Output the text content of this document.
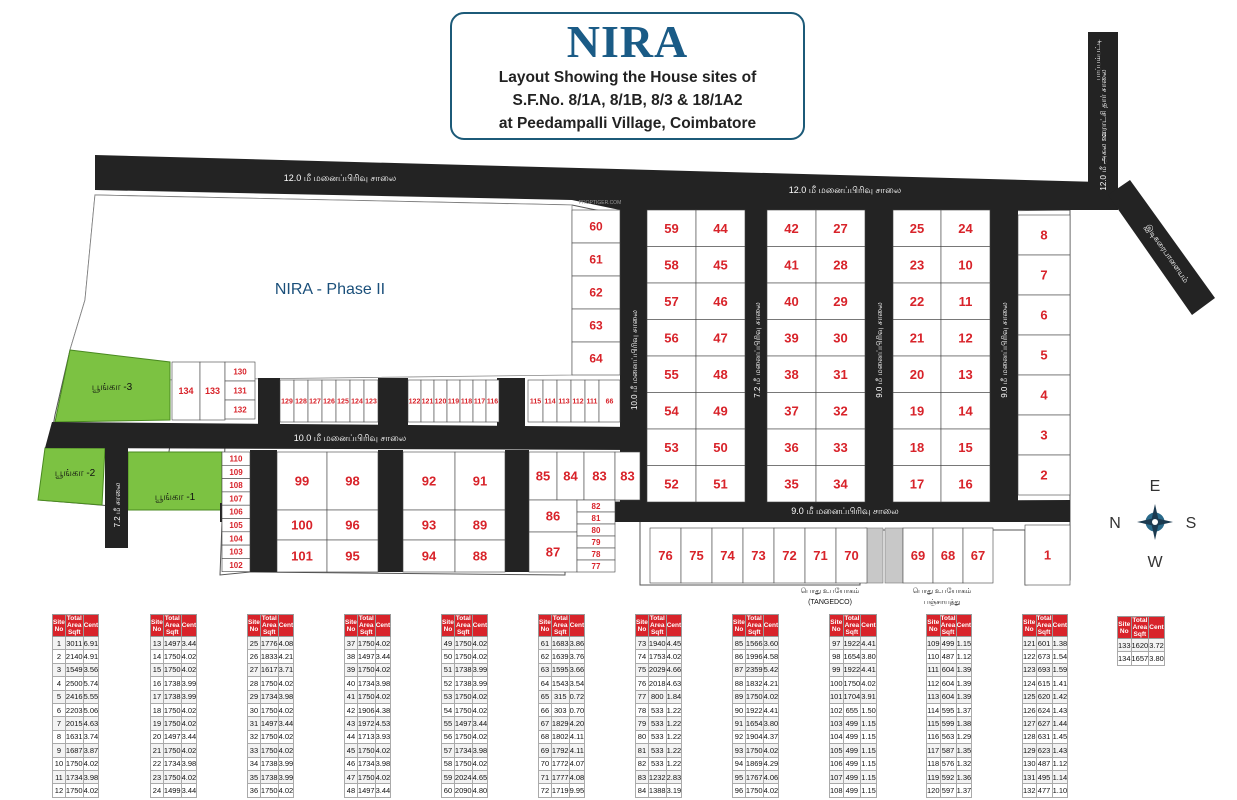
NIRA - Phase II
பூங்கா -3
பூங்கா -2
பூங்கா -1
12.0 மீ மனைப்பிரிவு சாலை
12.0 மீ மனைப்பிரிவு சாலை
10.0 மீ மனைப்பிரிவு சாலை
9.0 மீ மனைப்பிரிவு சாலை
10.0 மீ மனைப்பிரிவு சாலை	7.2 மீ மனைப்பிரிவு சாலை	9.0 மீ மனைப்பிரிவு சாலை	9.0 மீ மனைப்பிரிவு சாலை
7.2 மீ சாலை
12.0 மீ அகல ஊராட்சி தார் சாலை
இடிகரைபாளையம்
பாப்பம்பட்டி
PROPTIGER.COM
பொது உபயோகம்
(TANGEDCO)
பொது உபயோகம்
பஞ்சாயத்து
59
58
57
56
55
54
53
52
44
45
46
47
48
49
50
51
42
41
40
39
38
37
36
35
27
28
29
30
31
32
33
34
25
23
22
21
20
19
18
17
24
10
11
12
13
14
15
16
8
7
6
5
4
3
2
60
61
62
63
64
115 114 113 112 111 66
134 133
130
131
132
129 128 127 126 125 124 123	122 121 120 119 118 117 116
110
109
108
107
106
105
104
103
102
99	98
100 96
101 95
92	91
93	89
94	88
85 84 83
86
87
82
81
80
79
78
77
83
76 75 74 73 72 71 70	69 68 67	1
N	S
E
W
NIRA
Layout Showing the House sites of
S.F.No. 8/1A, 8/1B, 8/3 & 18/1A2
at Peedampalli Village, Coimbatore
Site No	Total Area Sqft	Cent
1	3011	6.91
2	2140	4.91
3	1549	3.56
4	2500	5.74
5	2416	5.55
6	2203	5.06
7	2015	4.63
8	1631	3.74
9	1687	3.87
10	1750	4.02
11	1734	3.98
12	1750	4.02
Site No	Total Area Sqft	Cent
13	1497	3.44
14	1750	4.02
15	1750	4.02
16	1738	3.99
17	1738	3.99
18	1750	4.02
19	1750	4.02
20	1497	3.44
21	1750	4.02
22	1734	3.98
23	1750	4.02
24	1499	3.44
Site No	Total Area Sqft	Cent
25	1776	4.08
26	1833	4.21
27	1617	3.71
28	1750	4.02
29	1734	3.98
30	1750	4.02
31	1497	3.44
32	1750	4.02
33	1750	4.02
34	1738	3.99
35	1738	3.99
36	1750	4.02
Site No	Total Area Sqft	Cent
37	1750	4.02
38	1497	3.44
39	1750	4.02
40	1734	3.98
41	1750	4.02
42	1906	4.38
43	1972	4.53
44	1713	3.93
45	1750	4.02
46	1734	3.98
47	1750	4.02
48	1497	3.44
Site No	Total Area Sqft	Cent
49	1750	4.02
50	1750	4.02
51	1738	3.99
52	1738	3.99
53	1750	4.02
54	1750	4.02
55	1497	3.44
56	1750	4.02
57	1734	3.98
58	1750	4.02
59	2024	4.65
60	2090	4.80
Site No	Total Area Sqft	Cent
61	1683	3.86
62	1639	3.76
63	1595	3.66
64	1543	3.54
65	315	0.72
66	303	0.70
67	1829	4.20
68	1802	4.11
69	1792	4.11
70	1772	4.07
71	1777	4.08
72	1719	9.95
Site No	Total Area Sqft	Cent
73	1940	4.45
74	1753	4.02
75	2029	4.66
76	2018	4.63
77	800	1.84
78	533	1.22
79	533	1.22
80	533	1.22
81	533	1.22
82	533	1.22
83	1232	2.83
84	1388	3.19
Site No	Total Area Sqft	Cent
85	1566	3.60
86	1996	4.58
87	2359	5.42
88	1832	4.21
89	1750	4.02
90	1922	4.41
91	1654	3.80
92	1904	4.37
93	1750	4.02
94	1869	4.29
95	1767	4.06
96	1750	4.02
Site No	Total Area Sqft	Cent
97	1922	4.41
98	1654	3.80
99	1922	4.41
100	1750	4.02
101	1704	3.91
102	655	1.50
103	499	1.15
104	499	1.15
105	499	1.15
106	499	1.15
107	499	1.15
108	499	1.15
Site No	Total Area Sqft	Cent
109	499	1.15
110	487	1.12
111	604	1.39
112	604	1.39
113	604	1.39
114	595	1.37
115	599	1.38
116	563	1.29
117	587	1.35
118	576	1.32
119	592	1.36
120	597	1.37
Site No	Total Area Sqft	Cent
121	601	1.38
122	673	1.54
123	693	1.59
124	615	1.41
125	620	1.42
126	624	1.43
127	627	1.44
128	631	1.45
129	623	1.43
130	487	1.12
131	495	1.14
132	477	1.10
Site No	Total Area Sqft	Cent
133	1620	3.72
134	1657	3.80
